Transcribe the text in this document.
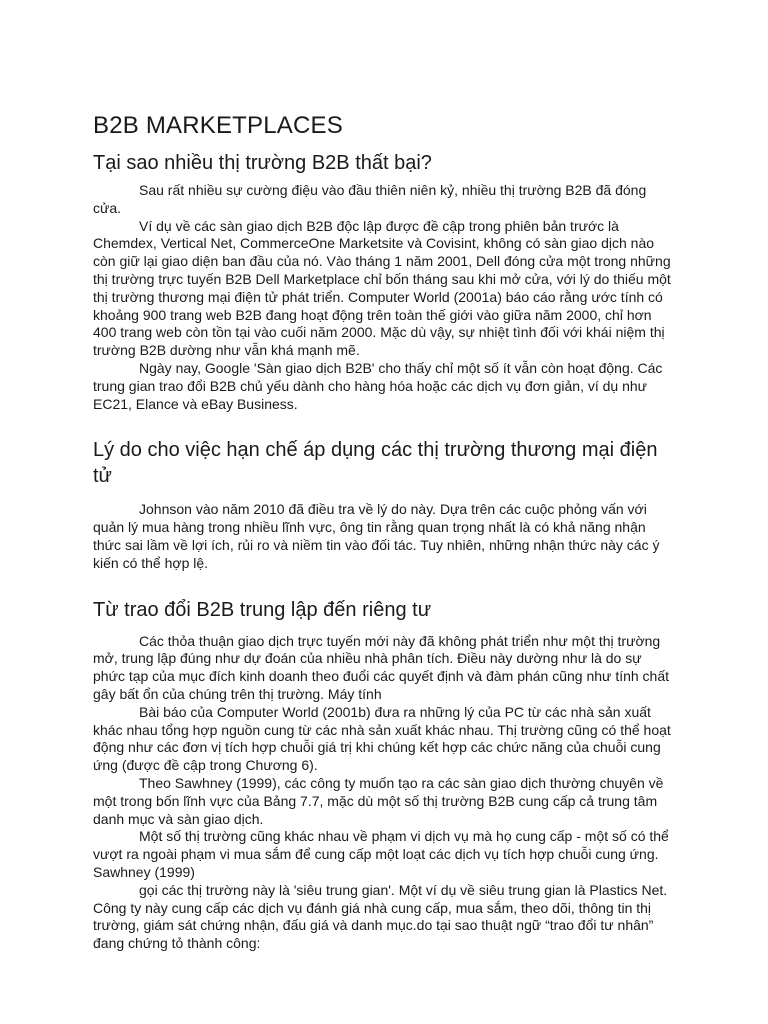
B2B MARKETPLACES
Tại sao nhiều thị trường B2B thất bại?

Sau rất nhiều sự cường điệu vào đầu thiên niên kỷ, nhiều thị trường B2B đã đóng cửa.

Ví dụ về các sàn giao dịch B2B độc lập được đề cập trong phiên bản trước là Chemdex, Vertical Net, CommerceOne Marketsite và Covisint, không có sàn giao dịch nào còn giữ lại giao diện ban đầu của nó. Vào tháng 1 năm 2001, Dell đóng cửa một trong những thị trường trực tuyến B2B Dell Marketplace chỉ bốn tháng sau khi mở cửa, với lý do thiếu một thị trường thương mại điện tử phát triển. Computer World (2001a) báo cáo rằng ước tính có khoảng 900 trang web B2B đang hoạt động trên toàn thế giới vào giữa năm 2000, chỉ hơn 400 trang web còn tồn tại vào cuối năm 2000. Mặc dù vậy, sự nhiệt tình đối với khái niệm thị trường B2B dường như vẫn khá mạnh mẽ.

Ngày nay, Google 'Sàn giao dịch B2B' cho thấy chỉ một số ít vẫn còn hoạt động. Các trung gian trao đổi B2B chủ yếu dành cho hàng hóa hoặc các dịch vụ đơn giản, ví dụ như EC21, Elance và eBay Business.

Lý do cho việc hạn chế áp dụng các thị trường thương mại điện tử

Johnson vào năm 2010 đã điều tra về lý do này. Dựa trên các cuộc phỏng vấn với quản lý mua hàng trong nhiều lĩnh vực, ông tin rằng quan trọng nhất là có khả năng nhận thức sai lầm về lợi ích, rủi ro và niềm tin vào đối tác. Tuy nhiên, những nhận thức này các ý kiến có thể hợp lệ.

Từ trao đổi B2B trung lập đến riêng tư

Các thỏa thuận giao dịch trực tuyến mới này đã không phát triển như một thị trường mở, trung lập đúng như dự đoán của nhiều nhà phân tích. Điều này dường như là do sự phức tạp của mục đích kinh doanh theo đuổi các quyết định và đàm phán cũng như tính chất gây bất ổn của chúng trên thị trường. Máy tính

Bài báo của Computer World (2001b) đưa ra những lý của PC từ các nhà sản xuất khác nhau tổng hợp nguồn cung từ các nhà sản xuất khác nhau. Thị trường cũng có thể hoạt động như các đơn vị tích hợp chuỗi giá trị khi chúng kết hợp các chức năng của chuỗi cung ứng (được đề cập trong Chương 6).

Theo Sawhney (1999), các công ty muốn tạo ra các sàn giao dịch thường chuyên về một trong bốn lĩnh vực của Bảng 7.7, mặc dù một số thị trường B2B cung cấp cả trung tâm danh mục và sàn giao dịch.

Một số thị trường cũng khác nhau về phạm vi dịch vụ mà họ cung cấp - một số có thể vượt ra ngoài phạm vi mua sắm để cung cấp một loạt các dịch vụ tích hợp chuỗi cung ứng. Sawhney (1999)

gọi các thị trường này là 'siêu trung gian'. Một ví dụ về siêu trung gian là Plastics Net. Công ty này cung cấp các dịch vụ đánh giá nhà cung cấp, mua sắm, theo dõi, thông tin thị trường, giám sát chứng nhận, đấu giá và danh mục.do tại sao thuật ngữ “trao đổi tư nhân” đang chứng tỏ thành công:
